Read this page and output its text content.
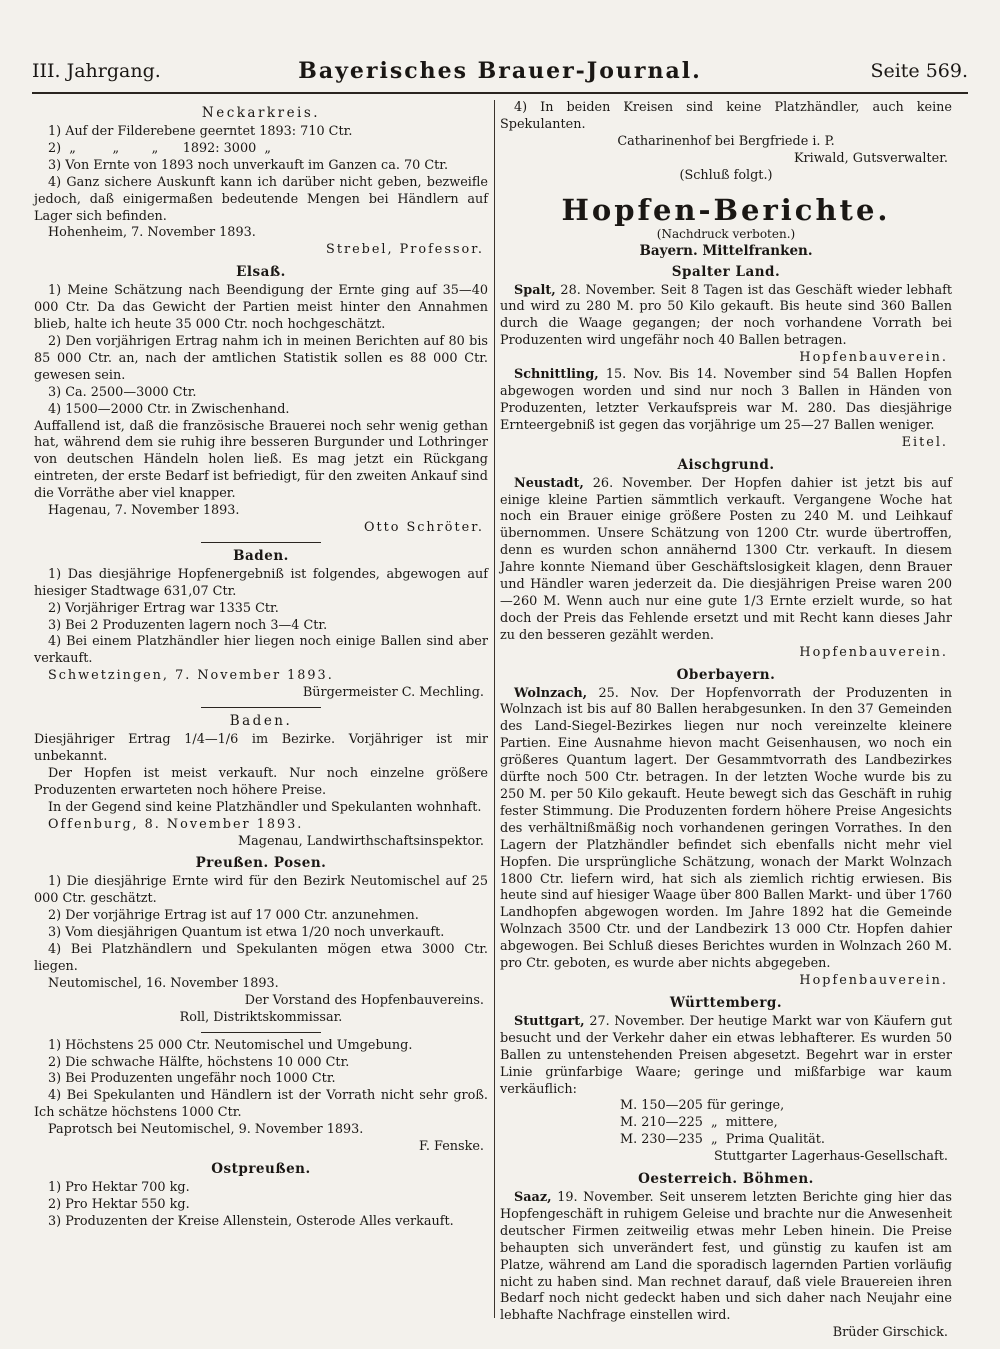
III. Jahrgang.	Bayerisches Brauer-Journal.	Seite 569.
Neckarkreis.

1) Auf der Filderebene geerntet 1893: 710 Ctr.

2)  „         „        „      1892: 3000  „

3) Von Ernte von 1893 noch unverkauft im Ganzen ca. 70 Ctr.

4) Ganz sichere Auskunft kann ich darüber nicht geben, bezweifle jedoch, daß einigermaßen bedeutende Mengen bei Händlern auf Lager sich befinden.

Hohenheim, 7. November 1893.

Strebel, Professor.

Elsaß.

1) Meine Schätzung nach Beendigung der Ernte ging auf 35—40 000 Ctr. Da das Gewicht der Partien meist hinter den Annahmen blieb, halte ich heute 35 000 Ctr. noch hochgeschätzt.

2) Den vorjährigen Ertrag nahm ich in meinen Berichten auf 80 bis 85 000 Ctr. an, nach der amtlichen Statistik sollen es 88 000 Ctr. gewesen sein.

3) Ca. 2500—3000 Ctr.

4) 1500—2000 Ctr. in Zwischenhand.

Auffallend ist, daß die französische Brauerei noch sehr wenig gethan hat, während dem sie ruhig ihre besseren Burgunder und Lothringer von deutschen Händeln holen ließ. Es mag jetzt ein Rückgang eintreten, der erste Bedarf ist befriedigt, für den zweiten Ankauf sind die Vorräthe aber viel knapper.

Hagenau, 7. November 1893.

Otto Schröter.

Baden.

1) Das diesjährige Hopfenergebniß ist folgendes, abgewogen auf hiesiger Stadtwage 631,07 Ctr.

2) Vorjähriger Ertrag war 1335 Ctr.

3) Bei 2 Produzenten lagern noch 3—4 Ctr.

4) Bei einem Platzhändler hier liegen noch einige Ballen sind aber verkauft.

Schwetzingen, 7. November 1893.

Bürgermeister C. Mechling.

Baden.

Diesjähriger Ertrag 1/4—1/6 im Bezirke. Vorjähriger ist mir unbekannt.

Der Hopfen ist meist verkauft. Nur noch einzelne größere Produzenten erwarteten noch höhere Preise.

In der Gegend sind keine Platzhändler und Spekulanten wohnhaft.

Offenburg, 8. November 1893.

Magenau, Landwirthschaftsinspektor.

Preußen. Posen.

1) Die diesjährige Ernte wird für den Bezirk Neutomischel auf 25 000 Ctr. geschätzt.

2) Der vorjährige Ertrag ist auf 17 000 Ctr. anzunehmen.

3) Vom diesjährigen Quantum ist etwa 1/20 noch unverkauft.

4) Bei Platzhändlern und Spekulanten mögen etwa 3000 Ctr. liegen.

Neutomischel, 16. November 1893.

Der Vorstand des Hopfenbauvereins.

Roll, Distriktskommissar.

1) Höchstens 25 000 Ctr. Neutomischel und Umgebung.

2) Die schwache Hälfte, höchstens 10 000 Ctr.

3) Bei Produzenten ungefähr noch 1000 Ctr.

4) Bei Spekulanten und Händlern ist der Vorrath nicht sehr groß. Ich schätze höchstens 1000 Ctr.

Paprotsch bei Neutomischel, 9. November 1893.

F. Fenske.

Ostpreußen.

1) Pro Hektar 700 kg.

2) Pro Hektar 550 kg.

3) Produzenten der Kreise Allenstein, Osterode Alles verkauft.

4) In beiden Kreisen sind keine Platzhändler, auch keine Spekulanten.

Catharinenhof bei Bergfriede i. P.

Kriwald, Gutsverwalter.

(Schluß folgt.)

Hopfen-Berichte.
(Nachdruck verboten.)
Bayern. Mittelfranken.
Spalter Land.

Spalt, 28. November. Seit 8 Tagen ist das Geschäft wieder lebhaft und wird zu 280 M. pro 50 Kilo gekauft. Bis heute sind 360 Ballen durch die Waage gegangen; der noch vorhandene Vorrath bei Produzenten wird ungefähr noch 40 Ballen betragen.

Hopfenbauverein.

Schnittling, 15. Nov. Bis 14. November sind 54 Ballen Hopfen abgewogen worden und sind nur noch 3 Ballen in Händen von Produzenten, letzter Verkaufspreis war M. 280. Das diesjährige Ernteergebniß ist gegen das vorjährige um 25—27 Ballen weniger.

Eitel.

Aischgrund.

Neustadt, 26. November. Der Hopfen dahier ist jetzt bis auf einige kleine Partien sämmtlich verkauft. Vergangene Woche hat noch ein Brauer einige größere Posten zu 240 M. und Leihkauf übernommen. Unsere Schätzung von 1200 Ctr. wurde übertroffen, denn es wurden schon annähernd 1300 Ctr. verkauft. In diesem Jahre konnte Niemand über Geschäftslosigkeit klagen, denn Brauer und Händler waren jederzeit da. Die diesjährigen Preise waren 200—260 M. Wenn auch nur eine gute 1/3 Ernte erzielt wurde, so hat doch der Preis das Fehlende ersetzt und mit Recht kann dieses Jahr zu den besseren gezählt werden.

Hopfenbauverein.

Oberbayern.

Wolnzach, 25. Nov. Der Hopfenvorrath der Produzenten in Wolnzach ist bis auf 80 Ballen herabgesunken. In den 37 Gemeinden des Land-Siegel-Bezirkes liegen nur noch vereinzelte kleinere Partien. Eine Ausnahme hievon macht Geisenhausen, wo noch ein größeres Quantum lagert. Der Gesammtvorrath des Landbezirkes dürfte noch 500 Ctr. betragen. In der letzten Woche wurde bis zu 250 M. per 50 Kilo gekauft. Heute bewegt sich das Geschäft in ruhig fester Stimmung. Die Produzenten fordern höhere Preise Angesichts des verhältnißmäßig noch vorhandenen geringen Vorrathes. In den Lagern der Platzhändler befindet sich ebenfalls nicht mehr viel Hopfen. Die ursprüngliche Schätzung, wonach der Markt Wolnzach 1800 Ctr. liefern wird, hat sich als ziemlich richtig erwiesen. Bis heute sind auf hiesiger Waage über 800 Ballen Markt- und über 1760 Landhopfen abgewogen worden. Im Jahre 1892 hat die Gemeinde Wolnzach 3500 Ctr. und der Landbezirk 13 000 Ctr. Hopfen dahier abgewogen. Bei Schluß dieses Berichtes wurden in Wolnzach 260 M. pro Ctr. geboten, es wurde aber nichts abgegeben.

Hopfenbauverein.

Württemberg.

Stuttgart, 27. November. Der heutige Markt war von Käufern gut besucht und der Verkehr daher ein etwas lebhafterer. Es wurden 50 Ballen zu untenstehenden Preisen abgesetzt. Begehrt war in erster Linie grünfarbige Waare; geringe und mißfarbige war kaum verkäuflich:

M. 150—205 für geringe,

M. 210—225  „  mittere,

M. 230—235  „  Prima Qualität.

Stuttgarter Lagerhaus-Gesellschaft.

Oesterreich. Böhmen.

Saaz, 19. November. Seit unserem letzten Berichte ging hier das Hopfengeschäft in ruhigem Geleise und brachte nur die Anwesenheit deutscher Firmen zeitweilig etwas mehr Leben hinein. Die Preise behaupten sich unverändert fest, und günstig zu kaufen ist am Platze, während am Land die sporadisch lagernden Partien vorläufig nicht zu haben sind. Man rechnet darauf, daß viele Brauereien ihren Bedarf noch nicht gedeckt haben und sich daher nach Neujahr eine lebhafte Nachfrage einstellen wird.

Brüder Girschick.
